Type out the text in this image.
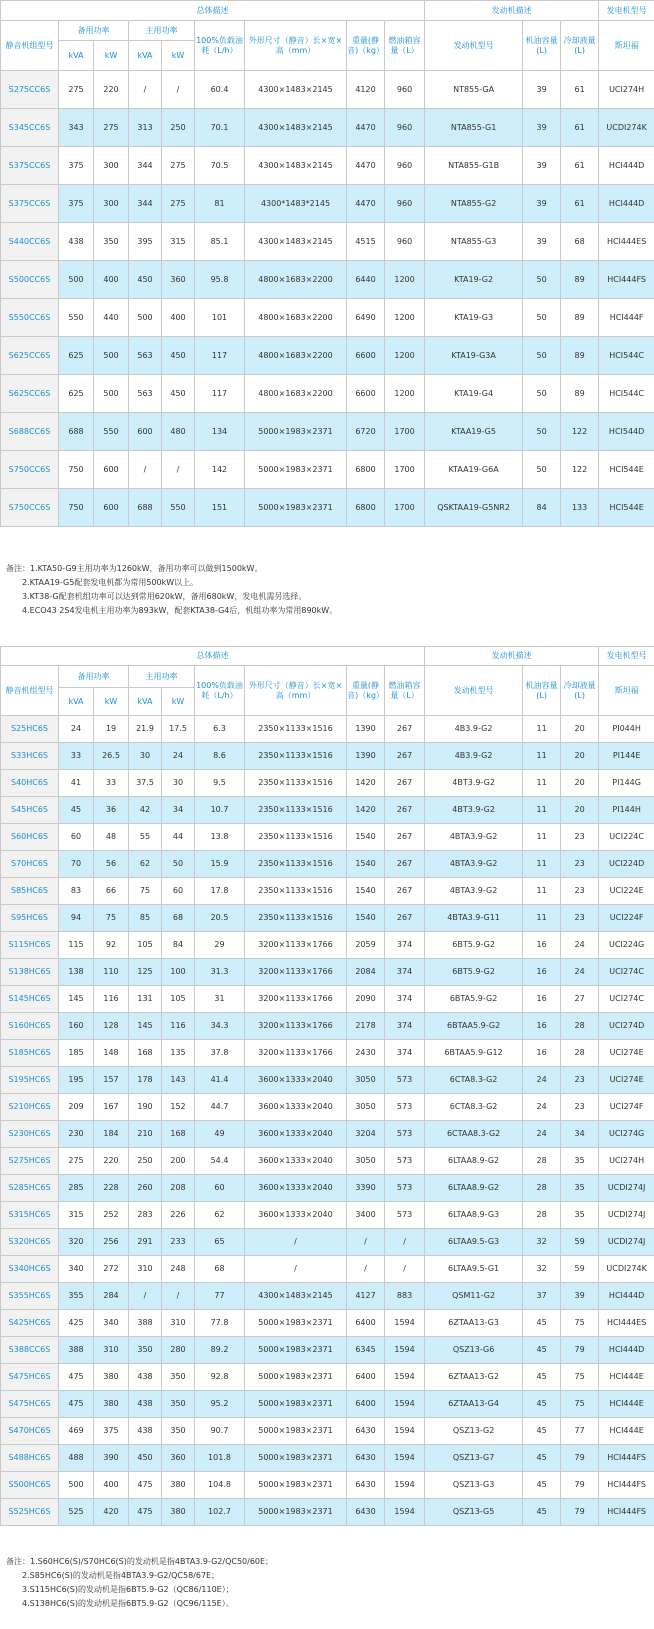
总体描述									发动机描述			发电机型号
静音机组型号	备用功率		主用功率		100%负载油耗（L/h）	外形尺寸（静音）长×宽×高（mm）	重量(静音)（kg）	燃油箱容量（L）	发动机型号	机油容量(L)	冷却液量(L)	斯坦福
	kVA	kW	kVA	kW								
S275CC6S	275	220	/	/	60.4	4300×1483×2145	4120	960	NT855-GA	39	61	UCI274H
S345CC6S	343	275	313	250	70.1	4300×1483×2145	4470	960	NTA855-G1	39	61	UCDI274K
S375CC6S	375	300	344	275	70.5	4300×1483×2145	4470	960	NTA855-G1B	39	61	HCI444D
S375CC6S	375	300	344	275	81	4300*1483*2145	4470	960	NTA855-G2	39	61	HCI444D
S440CC6S	438	350	395	315	85.1	4300×1483×2145	4515	960	NTA855-G3	39	68	HCI444ES
S500CC6S	500	400	450	360	95.8	4800×1683×2200	6440	1200	KTA19-G2	50	89	HCI444FS
S550CC6S	550	440	500	400	101	4800×1683×2200	6490	1200	KTA19-G3	50	89	HCI444F
S625CC6S	625	500	563	450	117	4800×1683×2200	6600	1200	KTA19-G3A	50	89	HCI544C
S625CC6S	625	500	563	450	117	4800×1683×2200	6600	1200	KTA19-G4	50	89	HCI544C
S688CC6S	688	550	600	480	134	5000×1983×2371	6720	1700	KTAA19-G5	50	122	HCI544D
S750CC6S	750	600	/	/	142	5000×1983×2371	6800	1700	KTAA19-G6A	50	122	HCI544E
S750CC6S	750	600	688	550	151	5000×1983×2371	6800	1700	QSKTAA19-G5NR2	84	133	HCI544E
备注：1.KTA50-G9主用功率为1260kW，备用功率可以做到1500kW。
2.KTAA19-G5配套发电机都为常用500kW以上。
3.KT38-G配套机组功率可以达到常用620kW，备用680kW，发电机需另选择。
4.ECO43 2S4发电机主用功率为893kW，配套KTA38-G4后，机组功率为常用890kW。
总体描述									发动机描述			发电机型号
静音机组型号	备用功率		主用功率		100%负载油耗（L/h）	外形尺寸（静音）长×宽×高（mm）	重量(静音)（kg）	燃油箱容量（L）	发动机型号	机油容量(L)	冷却液量(L)	斯坦福
	kVA	kW	kVA	kW								
S25HC6S	24	19	21.9	17.5	6.3	2350×1133×1516	1390	267	4B3.9-G2	11	20	PI044H
S33HC6S	33	26.5	30	24	8.6	2350×1133×1516	1390	267	4B3.9-G2	11	20	PI144E
S40HC6S	41	33	37.5	30	9.5	2350×1133×1516	1420	267	4BT3.9-G2	11	20	PI144G
S45HC6S	45	36	42	34	10.7	2350×1133×1516	1420	267	4BT3.9-G2	11	20	PI144H
S60HC6S	60	48	55	44	13.8	2350×1133×1516	1540	267	4BTA3.9-G2	11	23	UCI224C
S70HC6S	70	56	62	50	15.9	2350×1133×1516	1540	267	4BTA3.9-G2	11	23	UCI224D
S85HC6S	83	66	75	60	17.8	2350×1133×1516	1540	267	4BTA3.9-G2	11	23	UCI224E
S95HC6S	94	75	85	68	20.5	2350×1133×1516	1540	267	4BTA3.9-G11	11	23	UCI224F
S115HC6S	115	92	105	84	29	3200×1133×1766	2059	374	6BT5.9-G2	16	24	UCI224G
S138HC6S	138	110	125	100	31.3	3200×1133×1766	2084	374	6BT5.9-G2	16	24	UCI274C
S145HC6S	145	116	131	105	31	3200×1133×1766	2090	374	6BTA5.9-G2	16	27	UCI274C
S160HC6S	160	128	145	116	34.3	3200×1133×1766	2178	374	6BTAA5.9-G2	16	28	UCI274D
S185HC6S	185	148	168	135	37.8	3200×1133×1766	2430	374	6BTAA5.9-G12	16	28	UCI274E
S195HC6S	195	157	178	143	41.4	3600×1333×2040	3050	573	6CTA8.3-G2	24	23	UCI274E
S210HC6S	209	167	190	152	44.7	3600×1333×2040	3050	573	6CTA8.3-G2	24	23	UCI274F
S230HC6S	230	184	210	168	49	3600×1333×2040	3204	573	6CTAA8.3-G2	24	34	UCI274G
S275HC6S	275	220	250	200	54.4	3600×1333×2040	3050	573	6LTAA8.9-G2	28	35	UCI274H
S285HC6S	285	228	260	208	60	3600×1333×2040	3390	573	6LTAA8.9-G2	28	35	UCDI274J
S315HC6S	315	252	283	226	62	3600×1333×2040	3400	573	6LTAA8.9-G3	28	35	UCDI274J
S320HC6S	320	256	291	233	65	/	/	/	6LTAA9.5-G3	32	59	UCDI274J
S340HC6S	340	272	310	248	68	/	/	/	6LTAA9.5-G1	32	59	UCDI274K
S355HC6S	355	284	/	/	77	4300×1483×2145	4127	883	QSM11-G2	37	39	HCI444D
S425HC6S	425	340	388	310	77.8	5000×1983×2371	6400	1594	6ZTAA13-G3	45	75	HCI444ES
S388CC6S	388	310	350	280	89.2	5000×1983×2371	6345	1594	QSZ13-G6	45	79	HCI444D
S475HC6S	475	380	438	350	92.8	5000×1983×2371	6400	1594	6ZTAA13-G2	45	75	HCI444E
S475HC6S	475	380	438	350	95.2	5000×1983×2371	6400	1594	6ZTAA13-G4	45	75	HCI444E
S470HC6S	469	375	438	350	90.7	5000×1983×2371	6430	1594	QSZ13-G2	45	77	HCI444E
S488HC6S	488	390	450	360	101.8	5000×1983×2371	6430	1594	QSZ13-G7	45	79	HCI444FS
S500HC6S	500	400	475	380	104.8	5000×1983×2371	6430	1594	QSZ13-G3	45	79	HCI444FS
S525HC6S	525	420	475	380	102.7	5000×1983×2371	6430	1594	QSZ13-G5	45	79	HCI444FS
备注：1.S60HC6(S)/S70HC6(S)的发动机是指4BTA3.9-G2/QC50/60E；
2.S85HC6(S)的发动机是指4BTA3.9-G2/QC58/67E；
3.S115HC6(S)的发动机是指6BT5.9-G2（QC86/110E）；
4.S138HC6(S)的发动机是指6BT5.9-G2（QC96/115E）。
